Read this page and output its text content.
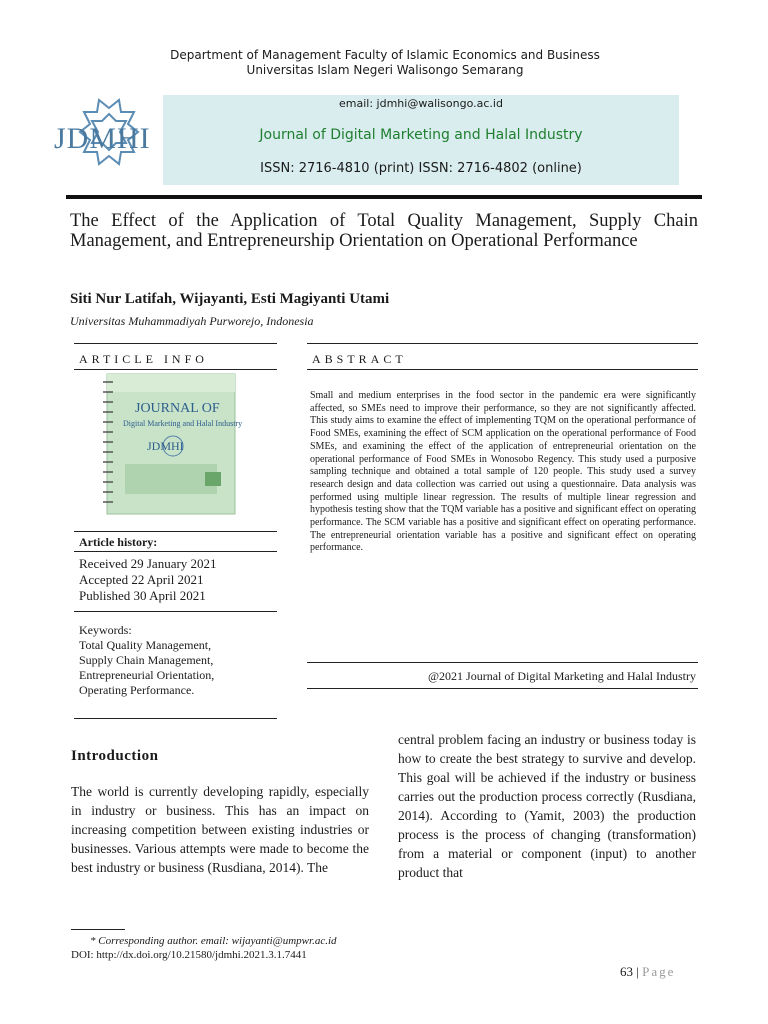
Department of Management Faculty of Islamic Economics and Business
Universitas Islam Negeri Walisongo Semarang
JDMHI
email: jdmhi@walisongo.ac.id
Journal of Digital Marketing and Halal Industry
ISSN: 2716-4810 (print) ISSN: 2716-4802 (online)
The Effect of the Application of Total Quality Management, Supply Chain Management, and Entrepreneurship Orientation on Operational Performance
Siti Nur Latifah, Wijayanti, Esti Magiyanti Utami
Universitas Muhammadiyah Purworejo, Indonesia
ARTICLE INFO
JOURNAL OF
Digital Marketing and Halal Industry
JDMHI
Article history:
Received 29 January 2021
Accepted 22 April 2021
Published 30 April 2021
Keywords:
Total Quality Management,
Supply Chain Management,
Entrepreneurial Orientation,
Operating Performance.
ABSTRACT
Small and medium enterprises in the food sector in the pandemic era were significantly affected, so SMEs need to improve their performance, so they are not significantly affected. This study aims to examine the effect of implementing TQM on the operational performance of Food SMEs, examining the effect of SCM application on the operational performance of Food SMEs, and examining the effect of the application of entrepreneurial orientation on the operational performance of Food SMEs in Wonosobo Regency. This study used a purposive sampling technique and obtained a total sample of 120 people. This study used a survey research design and data collection was carried out using a questionnaire. Data analysis was performed using multiple linear regression. The results of multiple linear regression and hypothesis testing show that the TQM variable has a positive and significant effect on operating performance. The SCM variable has a positive and significant effect on operating performance. The entrepreneurial orientation variable has a positive and significant effect on operating performance.
@2021 Journal of Digital Marketing and Halal Industry
Introduction
The world is currently developing rapidly, especially in industry or business. This has an impact on increasing competition between existing industries or businesses. Various attempts were made to become the best industry or business (Rusdiana, 2014). The
central problem facing an industry or business today is how to create the best strategy to survive and develop. This goal will be achieved if the industry or business carries out the production process correctly (Rusdiana, 2014). According to (Yamit, 2003) the production process is the process of changing (transformation) from a material or component (input) to another product that
* Corresponding author. email: wijayanti@umpwr.ac.id
DOI: http://dx.doi.org/10.21580/jdmhi.2021.3.1.7441
63 | Page
